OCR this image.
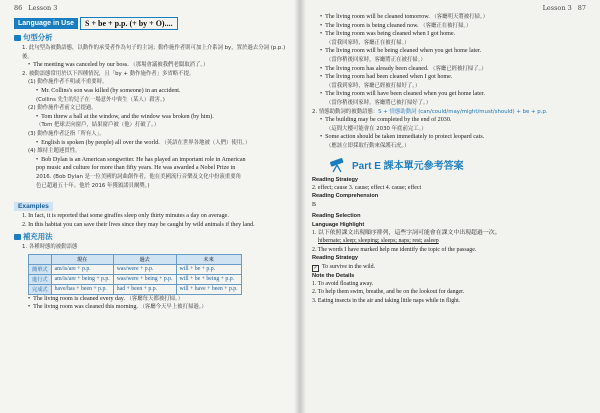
86 Lesson 3
Language in Use	S + be + p.p. (+ by + O)....
句型分析
1. 此句型為被動語態，以動作的承受者作為句子的主詞；動作施作者則可加上介系詞 by，置於過去分詞 (p.p.) 後。
• The meeting was canceled by our boss. （那場會議被我們老闆取消了。）
2. 被動語態常用於以下四種情況，且「by + 動作施作者」多省略不提。
(1) 動作施作者不明或不重要時。
• Mr. Collins's son was killed (by someone) in an accident.
(Collins 先生的兒子在一場意外中喪生（某人）殺害。)
(2) 動作施作者前文已提過。
• Tom threw a ball at the window, and the window was broken (by him).
（Tom 把球丟向窗戶，結果窗戶被（他）打破了。）
(3) 動作施作者泛指「所有人」。
• English is spoken (by people) all over the world. （英語在世界各地被（人們）使用。）
(4) 維持主題連貫性。
• Bob Dylan is an American songwriter. He has played an important role in American
pop music and culture for more than fifty years. He was awarded a Nobel Prize in
2016. (Bob Dylan 是一位美國的詞曲創作者，他在美國流行音樂及文化中扮演重要角
色已超過五十年。他於 2016 年獲頒諾貝爾獎。)
Examples
1. In fact, it is reported that some giraffes sleep only thirty minutes a day on average.
2. In this habitat you can save their lives since they may be caught by wild animals if they land.
補充用法
1. 各種時態的被動語態
	現在	過去	未來
簡單式	am/is/are + p.p.	was/were + p.p.	will + be + p.p.
進行式	am/is/are + being + p.p.	was/were + being + p.p.	will + be + being + p.p.
完成式	have/has + been + p.p.	had + been + p.p.	will + have + been + p.p.
• The living room is cleaned every day. （客廳每天都被打掃。）
• The living room was cleaned this morning. （客廳今天早上被打掃過。）
Lesson 3 87
• The living room will be cleaned tomorrow. （客廳明天將被打掃。）
• The living room is being cleaned now. （客廳正在被打掃。）
• The living room was being cleaned when I got home.
（當我回家時，客廳正在被打掃。）
• The living room will be being cleaned when you get home later.
（當你稍後回家時，客廳將正在被打掃。）
• The living room has already been cleaned. （客廳已經被打掃了。）
• The living room had been cleaned when I got home.
（當我到家時，客廳已經被打掃好了。）
• The living room will have been cleaned when you get home later.
（當你稍後回家時，客廳將已被打掃好了。）
2. 情態助動詞的被動語態：S + 情態助動詞 (can/could/may/might/must/should) + be + p.p.
• The building may be completed by the end of 2030.
（這間大樓可能會在 2030 年底前完工。）
• Some action should be taken immediately to protect leopard cats.
（應該立即採取行動來保護石虎。）
Part E 課本單元參考答案
Reading Strategy
2. effect; cause 3. cause; effect 4. cause; effect
Reading Comprehension
B
Reading Selection
Language Highlight
1. 以下依照課文出現順序排列，這些字詞可能會在課文中出現超過一次。
hibernate; sleep; sleeping; sleeps; naps; rest; asleep
2. The words I have marked help me identify the topic of the passage.
Reading Strategy
✓ To survive in the wild.
Note the Details
1. To avoid floating away.
2. To help them swim, breathe, and be on the lookout for danger.
3. Eating insects in the air and taking little naps while in flight.
